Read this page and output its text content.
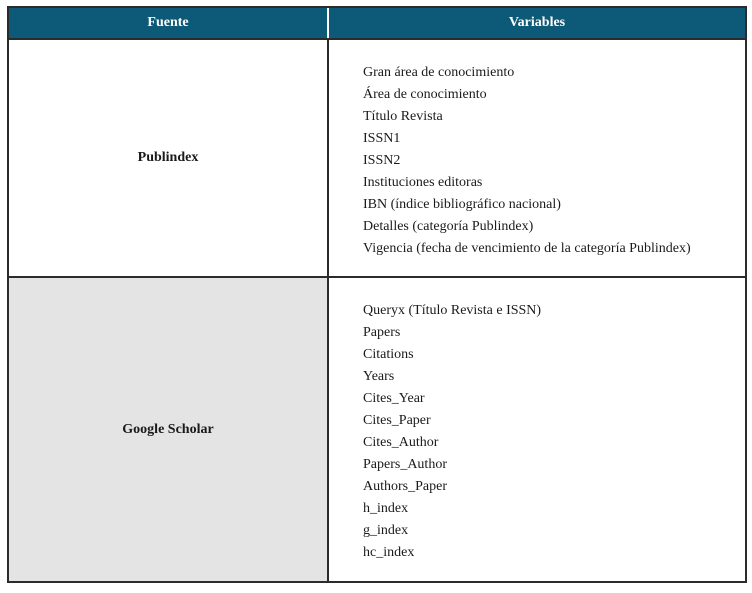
Fuente	Variables
Publindex
Gran área de conocimiento
Área de conocimiento
Título Revista
ISSN1
ISSN2
Instituciones editoras
IBN (índice bibliográfico nacional)
Detalles (categoría Publindex)
Vigencia (fecha de vencimiento de la categoría Publindex)
Google Scholar
Queryx (Título Revista e ISSN)
Papers
Citations
Years
Cites_Year
Cites_Paper
Cites_Author
Papers_Author
Authors_Paper
h_index
g_index
hc_index
